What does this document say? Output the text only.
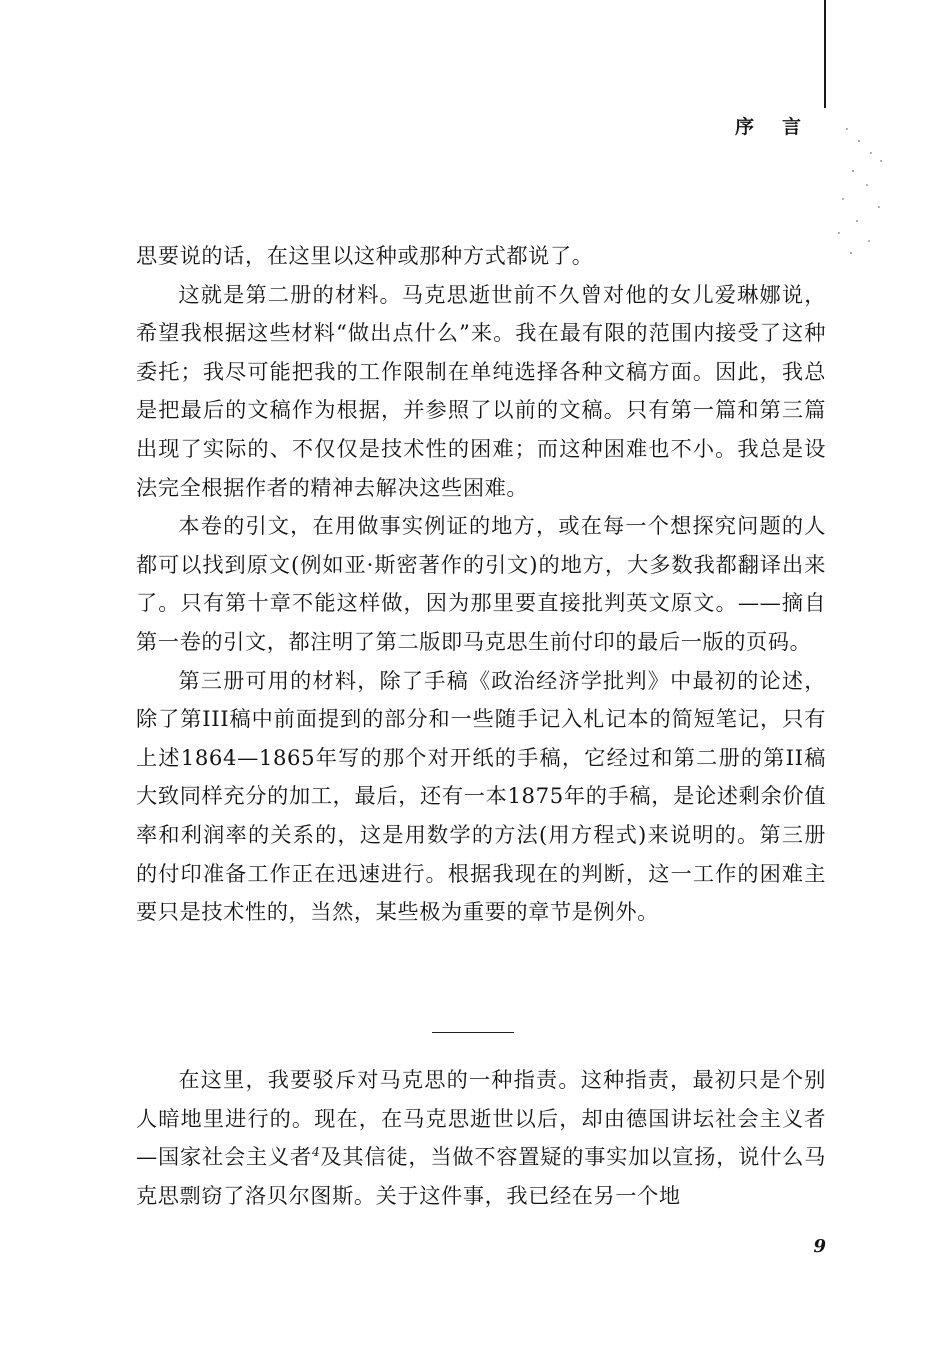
序言

思要说的话，在这里以这种或那种方式都说了。

这就是第二册的材料。马克思逝世前不久曾对他的女儿爱琳娜说，希望我根据这些材料“做出点什么”来。我在最有限的范围内接受了这种委托；我尽可能把我的工作限制在单纯选择各种文稿方面。因此，我总是把最后的文稿作为根据，并参照了以前的文稿。只有第一篇和第三篇出现了实际的、不仅仅是技术性的困难；而这种困难也不小。我总是设法完全根据作者的精神去解决这些困难。

本卷的引文，在用做事实例证的地方，或在每一个想探究问题的人都可以找到原文(例如亚·斯密著作的引文)的地方，大多数我都翻译出来了。只有第十章不能这样做，因为那里要直接批判英文原文。——摘自第一卷的引文，都注明了第二版即马克思生前付印的最后一版的页码。

第三册可用的材料，除了手稿《政治经济学批判》中最初的论述，除了第III稿中前面提到的部分和一些随手记入札记本的简短笔记，只有上述1864—1865年写的那个对开纸的手稿，它经过和第二册的第II稿大致同样充分的加工，最后，还有一本1875年的手稿，是论述剩余价值率和利润率的关系的，这是用数学的方法(用方程式)来说明的。第三册的付印准备工作正在迅速进行。根据我现在的判断，这一工作的困难主要只是技术性的，当然，某些极为重要的章节是例外。

在这里，我要驳斥对马克思的一种指责。这种指责，最初只是个别人暗地里进行的。现在，在马克思逝世以后，却由德国讲坛社会主义者—国家社会主义者$^4$及其信徒，当做不容置疑的事实加以宣扬，说什么马克思剽窃了洛贝尔图斯。关于这件事，我已经在另一个地

9
